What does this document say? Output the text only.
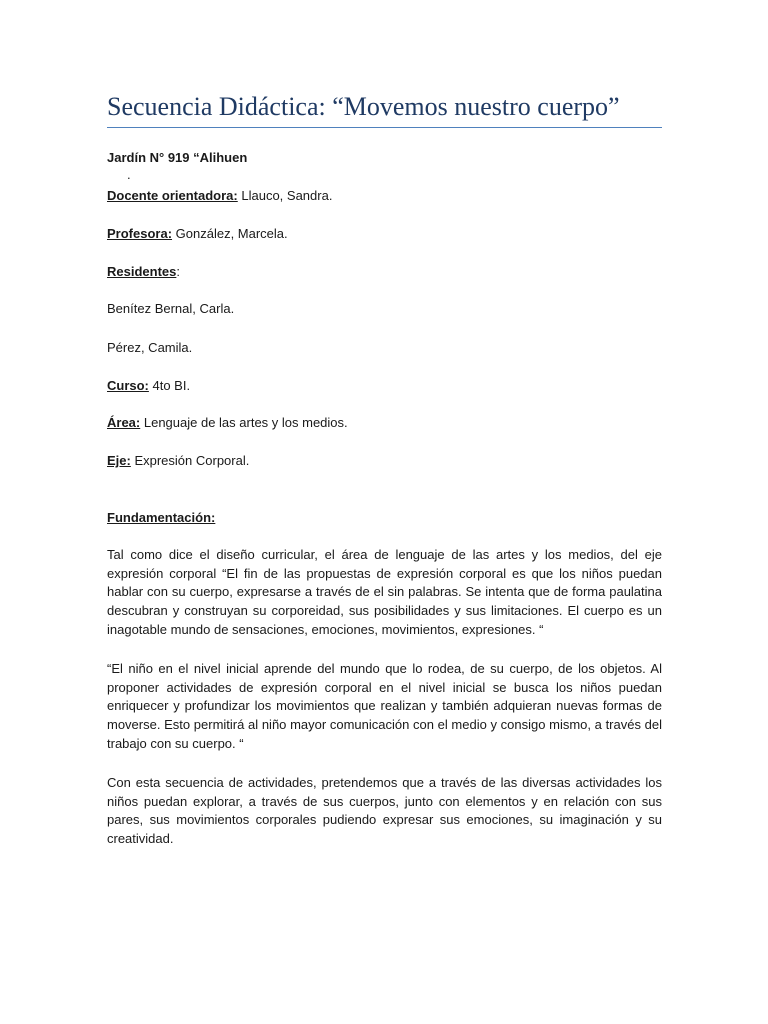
Secuencia Didáctica: “Movemos nuestro cuerpo”
Jardín N° 919 “Alihuen
.
Docente orientadora: Llauco, Sandra.
Profesora: González, Marcela.
Residentes:
Benítez Bernal, Carla.
Pérez, Camila.
Curso: 4to BI.
Área: Lenguaje de las artes y los medios.
Eje: Expresión Corporal.
Fundamentación:
Tal como dice el diseño curricular, el área de lenguaje de las artes y los medios, del eje expresión corporal “El fin de las propuestas de expresión corporal es que los niños puedan hablar con su cuerpo, expresarse a través de el sin palabras. Se intenta que de forma paulatina descubran y construyan su corporeidad, sus posibilidades y sus limitaciones. El cuerpo es un inagotable mundo de sensaciones, emociones, movimientos, expresiones. “
“El niño en el nivel inicial aprende del mundo que lo rodea, de su cuerpo, de los objetos. Al proponer actividades de expresión corporal en el nivel inicial se busca los niños puedan enriquecer y profundizar los movimientos que realizan y también adquieran nuevas formas de moverse. Esto permitirá al niño mayor comunicación con el medio y consigo mismo, a través del trabajo con su cuerpo. “
Con esta secuencia de actividades, pretendemos que a través de las diversas actividades los niños puedan explorar, a través de sus cuerpos, junto con elementos y en relación con sus pares, sus movimientos corporales pudiendo expresar sus emociones, su imaginación y su creatividad.
